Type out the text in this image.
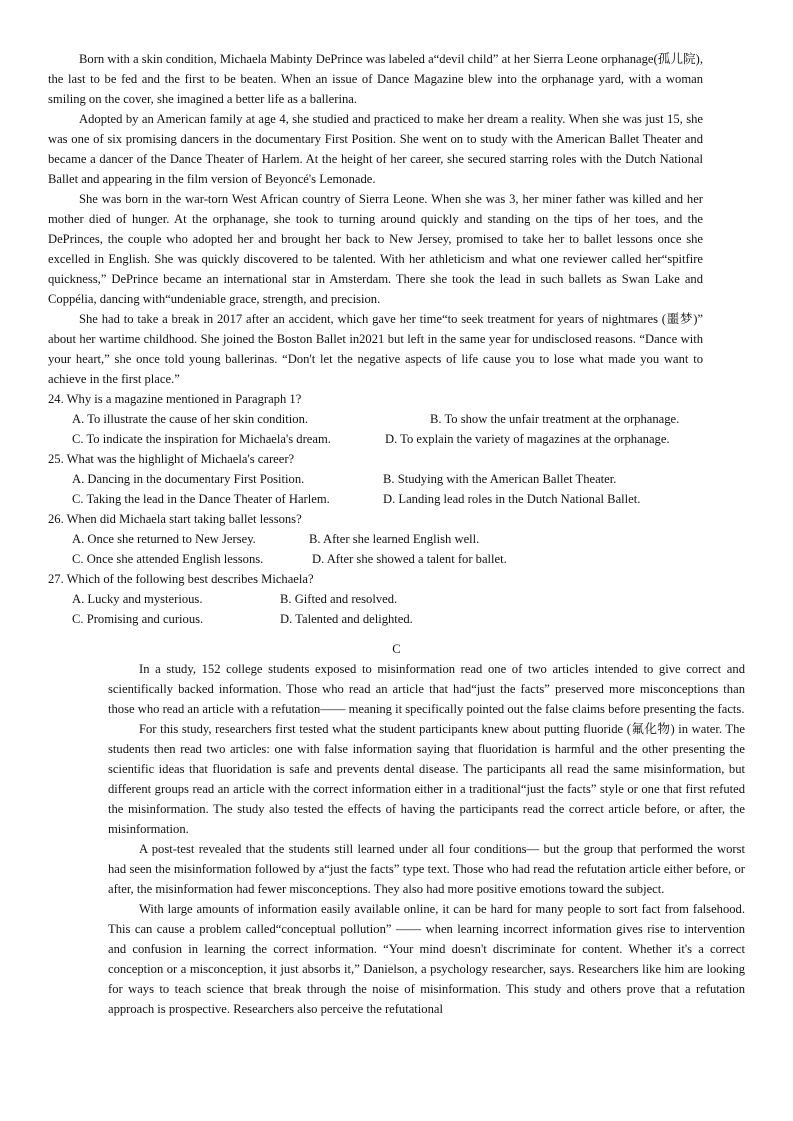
Born with a skin condition, Michaela Mabinty DePrince was labeled a“devil child” at her Sierra Leone orphanage(孤儿院), the last to be fed and the first to be beaten. When an issue of Dance Magazine blew into the orphanage yard, with a woman smiling on the cover, she imagined a better life as a ballerina.

Adopted by an American family at age 4, she studied and practiced to make her dream a reality. When she was just 15, she was one of six promising dancers in the documentary First Position. She went on to study with the American Ballet Theater and became a dancer of the Dance Theater of Harlem. At the height of her career, she secured starring roles with the Dutch National Ballet and appearing in the film version of Beyoncé's Lemonade.

She was born in the war-torn West African country of Sierra Leone. When she was 3, her miner father was killed and her mother died of hunger. At the orphanage, she took to turning around quickly and standing on the tips of her toes, and the DePrinces, the couple who adopted her and brought her back to New Jersey, promised to take her to ballet lessons once she excelled in English. She was quickly discovered to be talented. With her athleticism and what one reviewer called her“spitfire quickness,” DePrince became an international star in Amsterdam. There she took the lead in such ballets as Swan Lake and Coppélia, dancing with“undeniable grace, strength, and precision.

She had to take a break in 2017 after an accident, which gave her time“to seek treatment for years of nightmares (噩梦)” about her wartime childhood. She joined the Boston Ballet in2021 but left in the same year for undisclosed reasons. “Dance with your heart,” she once told young ballerinas. “Don't let the negative aspects of life cause you to lose what made you want to achieve in the first place.”

24. Why is a magazine mentioned in Paragraph 1?

A. To illustrate the cause of her skin condition.	B. To show the unfair treatment at the orphanage.
C. To indicate the inspiration for Michaela's dream.	D. To explain the variety of magazines at the orphanage.

25. What was the highlight of Michaela's career?

A. Dancing in the documentary First Position.	B. Studying with the American Ballet Theater.
C. Taking the lead in the Dance Theater of Harlem.	D. Landing lead roles in the Dutch National Ballet.

26. When did Michaela start taking ballet lessons?

A. Once she returned to New Jersey.	B. After she learned English well.
C. Once she attended English lessons.	D. After she showed a talent for ballet.

27. Which of the following best describes Michaela?

A. Lucky and mysterious.	B. Gifted and resolved.
C. Promising and curious.	D. Talented and delighted.
C

In a study, 152 college students exposed to misinformation read one of two articles intended to give correct and scientifically backed information. Those who read an article that had“just the facts” preserved more misconceptions than those who read an article with a refutation—— meaning it specifically pointed out the false claims before presenting the facts.

For this study, researchers first tested what the student participants knew about putting fluoride (氟化物) in water. The students then read two articles: one with false information saying that fluoridation is harmful and the other presenting the scientific ideas that fluoridation is safe and prevents dental disease. The participants all read the same misinformation, but different groups read an article with the correct information either in a traditional“just the facts” style or one that first refuted the misinformation. The study also tested the effects of having the participants read the correct article before, or after, the misinformation.

A post-test revealed that the students still learned under all four conditions— but the group that performed the worst had seen the misinformation followed by a“just the facts” type text. Those who had read the refutation article either before, or after, the misinformation had fewer misconceptions. They also had more positive emotions toward the subject.

With large amounts of information easily available online, it can be hard for many people to sort fact from falsehood. This can cause a problem called“conceptual pollution” —— when learning incorrect information gives rise to intervention and confusion in learning the correct information. “Your mind doesn't discriminate for content. Whether it's a correct conception or a misconception, it just absorbs it,” Danielson, a psychology researcher, says. Researchers like him are looking for ways to teach science that break through the noise of misinformation. This study and others prove that a refutation approach is prospective. Researchers also perceive the refutational
